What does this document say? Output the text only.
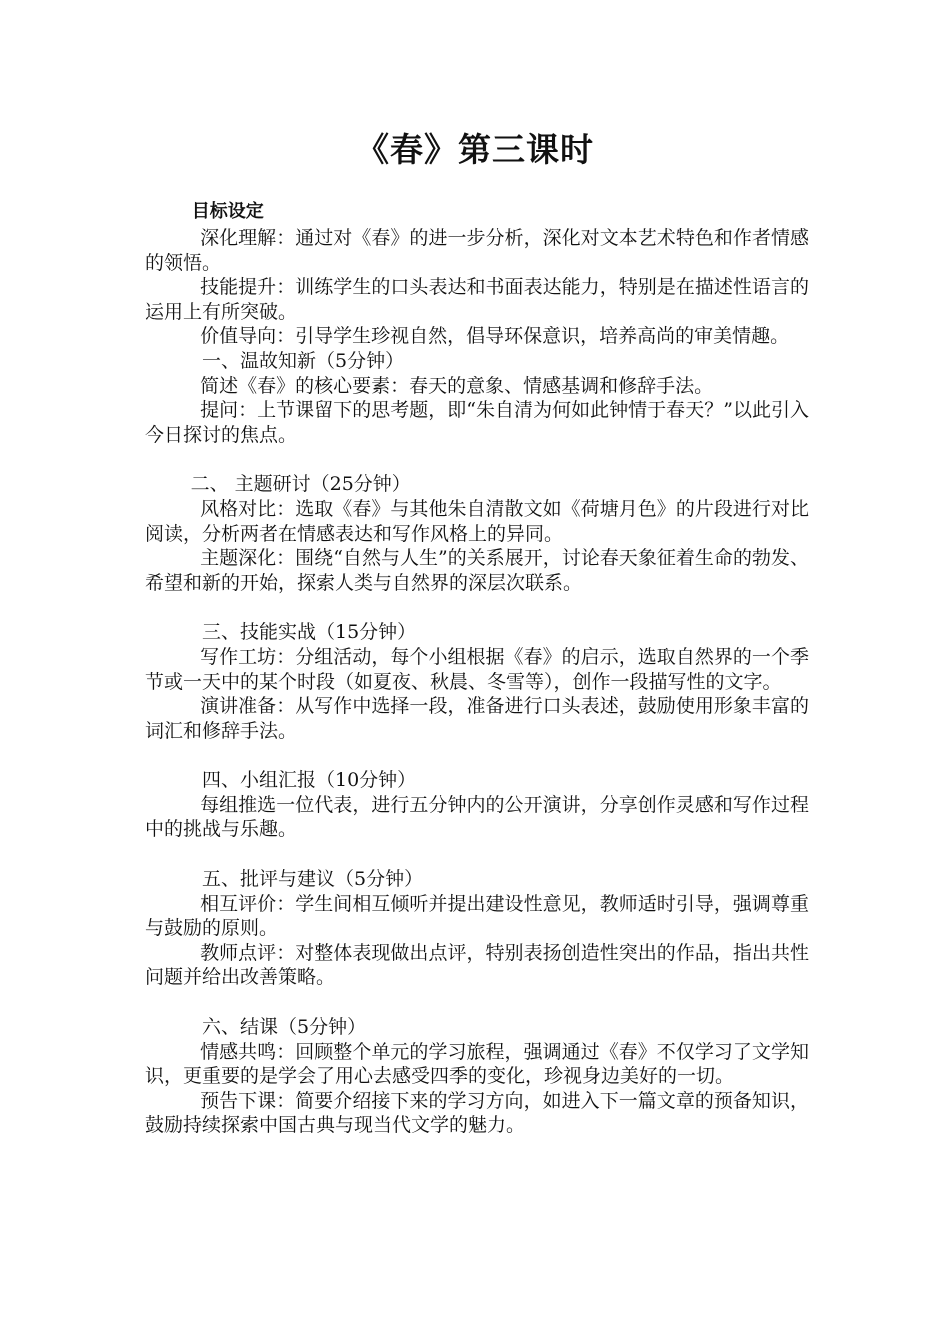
《春》第三课时

目标设定

深化理解：通过对《春》的进一步分析，深化对文本艺术特色和作者情感的领悟。

技能提升：训练学生的口头表达和书面表达能力，特别是在描述性语言的运用上有所突破。

价值导向：引导学生珍视自然，倡导环保意识，培养高尚的审美情趣。

一、温故知新（5分钟）

简述《春》的核心要素：春天的意象、情感基调和修辞手法。

提问：上节课留下的思考题，即“朱自清为何如此钟情于春天？”以此引入今日探讨的焦点。

二、 主题研讨（25分钟）

风格对比：选取《春》与其他朱自清散文如《荷塘月色》的片段进行对比阅读，分析两者在情感表达和写作风格上的异同。

主题深化：围绕“自然与人生”的关系展开，讨论春天象征着生命的勃发、希望和新的开始，探索人类与自然界的深层次联系。

三、技能实战（15分钟）

写作工坊：分组活动，每个小组根据《春》的启示，选取自然界的一个季节或一天中的某个时段（如夏夜、秋晨、冬雪等），创作一段描写性的文字。

演讲准备：从写作中选择一段，准备进行口头表述，鼓励使用形象丰富的词汇和修辞手法。

四、小组汇报（10分钟）

每组推选一位代表，进行五分钟内的公开演讲，分享创作灵感和写作过程中的挑战与乐趣。

五、批评与建议（5分钟）

相互评价：学生间相互倾听并提出建设性意见，教师适时引导，强调尊重与鼓励的原则。

教师点评：对整体表现做出点评，特别表扬创造性突出的作品，指出共性问题并给出改善策略。

六、结课（5分钟）

情感共鸣：回顾整个单元的学习旅程，强调通过《春》不仅学习了文学知识，更重要的是学会了用心去感受四季的变化，珍视身边美好的一切。

预告下课：简要介绍接下来的学习方向，如进入下一篇文章的预备知识，鼓励持续探索中国古典与现当代文学的魅力。
